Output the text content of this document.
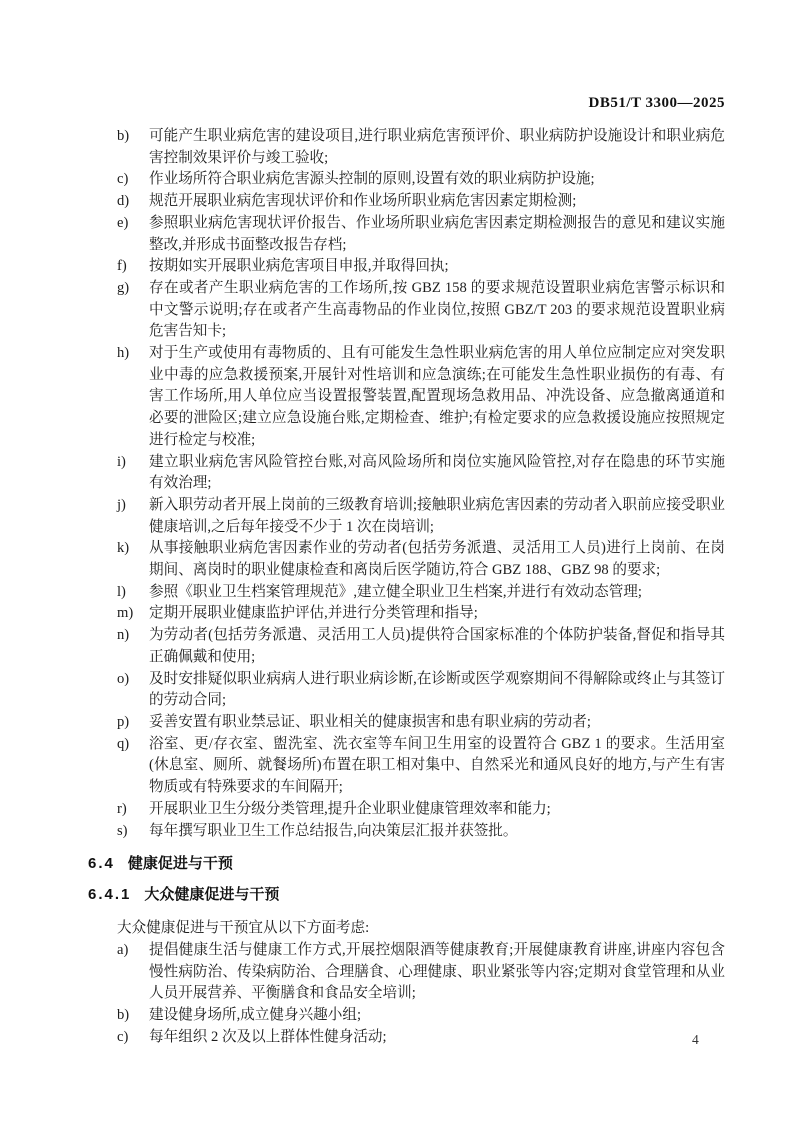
DB51/T 3300—2025
b)	可能产生职业病危害的建设项目,进行职业病危害预评价、职业病防护设施设计和职业病危害控制效果评价与竣工验收;
c)	作业场所符合职业病危害源头控制的原则,设置有效的职业病防护设施;
d)	规范开展职业病危害现状评价和作业场所职业病危害因素定期检测;
e)	参照职业病危害现状评价报告、作业场所职业病危害因素定期检测报告的意见和建议实施整改,并形成书面整改报告存档;
f)	按期如实开展职业病危害项目申报,并取得回执;
g)	存在或者产生职业病危害的工作场所,按 GBZ 158 的要求规范设置职业病危害警示标识和中文警示说明;存在或者产生高毒物品的作业岗位,按照 GBZ/T 203 的要求规范设置职业病危害告知卡;
h)	对于生产或使用有毒物质的、且有可能发生急性职业病危害的用人单位应制定应对突发职业中毒的应急救援预案,开展针对性培训和应急演练;在可能发生急性职业损伤的有毒、有害工作场所,用人单位应当设置报警装置,配置现场急救用品、冲洗设备、应急撤离通道和必要的泄险区;建立应急设施台账,定期检查、维护;有检定要求的应急救援设施应按照规定进行检定与校准;
i)	建立职业病危害风险管控台账,对高风险场所和岗位实施风险管控,对存在隐患的环节实施有效治理;
j)	新入职劳动者开展上岗前的三级教育培训;接触职业病危害因素的劳动者入职前应接受职业健康培训,之后每年接受不少于 1 次在岗培训;
k)	从事接触职业病危害因素作业的劳动者(包括劳务派遣、灵活用工人员)进行上岗前、在岗期间、离岗时的职业健康检查和离岗后医学随访,符合 GBZ 188、GBZ 98 的要求;
l)	参照《职业卫生档案管理规范》,建立健全职业卫生档案,并进行有效动态管理;
m)	定期开展职业健康监护评估,并进行分类管理和指导;
n)	为劳动者(包括劳务派遣、灵活用工人员)提供符合国家标准的个体防护装备,督促和指导其正确佩戴和使用;
o)	及时安排疑似职业病病人进行职业病诊断,在诊断或医学观察期间不得解除或终止与其签订的劳动合同;
p)	妥善安置有职业禁忌证、职业相关的健康损害和患有职业病的劳动者;
q)	浴室、更/存衣室、盥洗室、洗衣室等车间卫生用室的设置符合 GBZ 1 的要求。生活用室(休息室、厕所、就餐场所)布置在职工相对集中、自然采光和通风良好的地方,与产生有害物质或有特殊要求的车间隔开;
r)	开展职业卫生分级分类管理,提升企业职业健康管理效率和能力;
s)	每年撰写职业卫生工作总结报告,向决策层汇报并获签批。
6.4 健康促进与干预
6.4.1 大众健康促进与干预

大众健康促进与干预宜从以下方面考虑:

a)	提倡健康生活与健康工作方式,开展控烟限酒等健康教育;开展健康教育讲座,讲座内容包含慢性病防治、传染病防治、合理膳食、心理健康、职业紧张等内容;定期对食堂管理和从业人员开展营养、平衡膳食和食品安全培训;
b)	建设健身场所,成立健身兴趣小组;
c)	每年组织 2 次及以上群体性健身活动;	4
